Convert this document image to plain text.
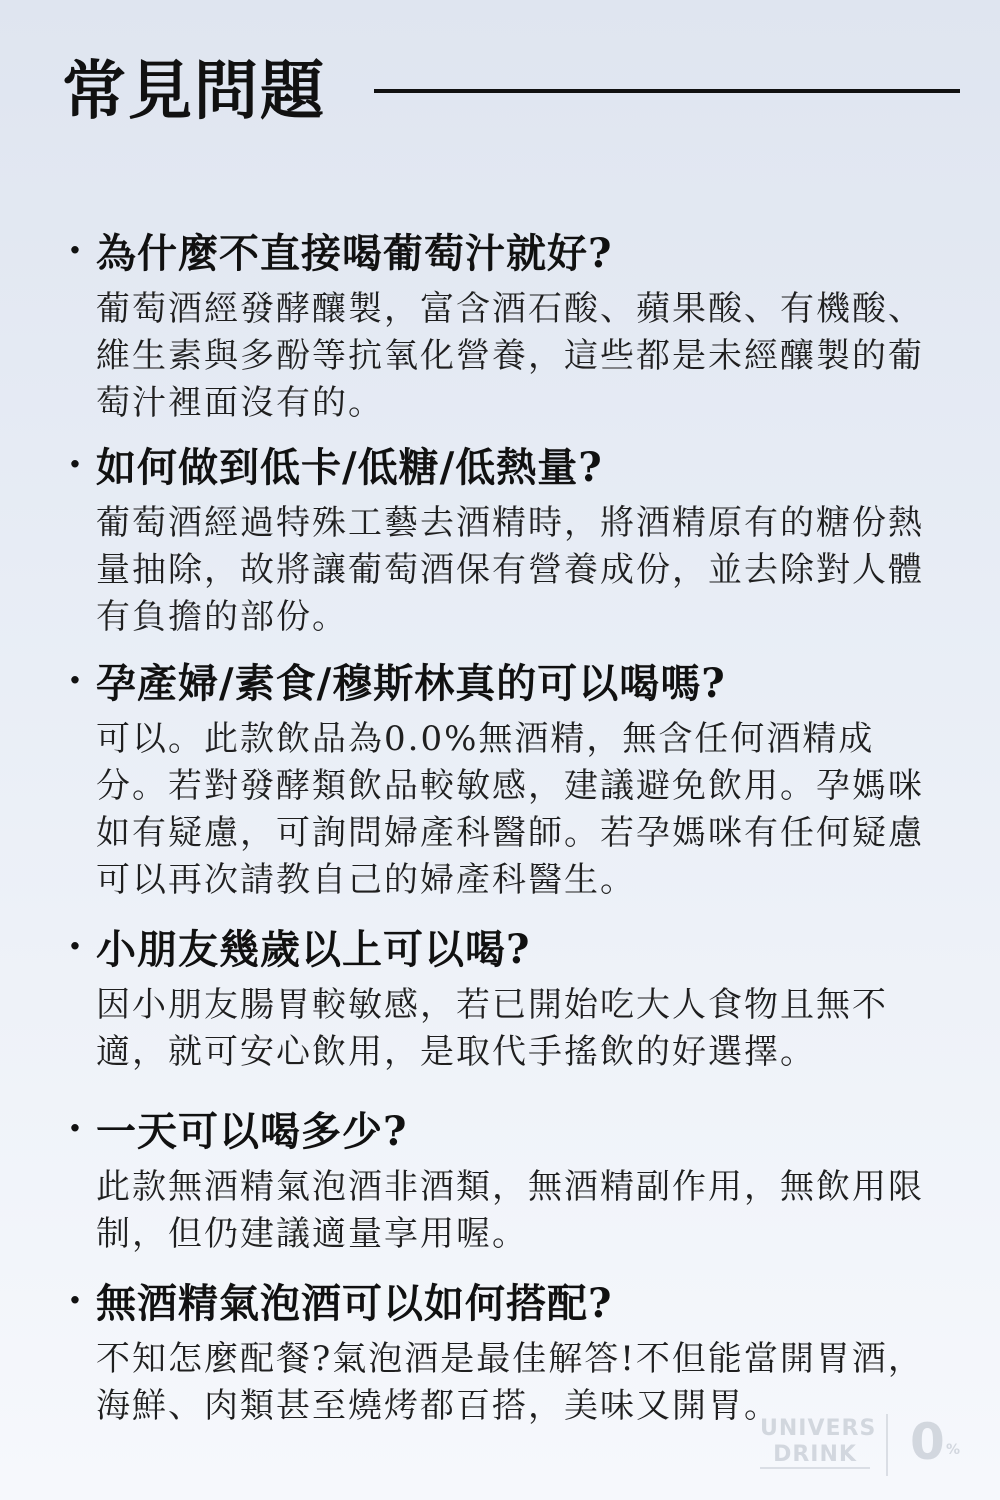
常見問題
· 為什麼不直接喝葡萄汁就好?
葡萄酒經發酵釀製，富含酒石酸、蘋果酸、有機酸、維生素與多酚等抗氧化營養，這些都是未經釀製的葡萄汁裡面沒有的。
· 如何做到低卡/低糖/低熱量?
葡萄酒經過特殊工藝去酒精時，將酒精原有的糖份熱量抽除，故將讓葡萄酒保有營養成份，並去除對人體有負擔的部份。
· 孕產婦/素食/穆斯林真的可以喝嗎?
可以。此款飲品為0.0%無酒精，無含任何酒精成分。若對發酵類飲品較敏感，建議避免飲用。孕媽咪如有疑慮，可詢問婦產科醫師。若孕媽咪有任何疑慮可以再次請教自己的婦產科醫生。
· 小朋友幾歲以上可以喝?
因小朋友腸胃較敏感，若已開始吃大人食物且無不適，就可安心飲用，是取代手搖飲的好選擇。
· 一天可以喝多少?
此款無酒精氣泡酒非酒類，無酒精副作用，無飲用限制，但仍建議適量享用喔。
· 無酒精氣泡酒可以如何搭配?
不知怎麼配餐?氣泡酒是最佳解答!不但能當開胃酒，海鮮、肉類甚至燒烤都百搭，美味又開胃。
UNIVERS
DRINK 0 %
